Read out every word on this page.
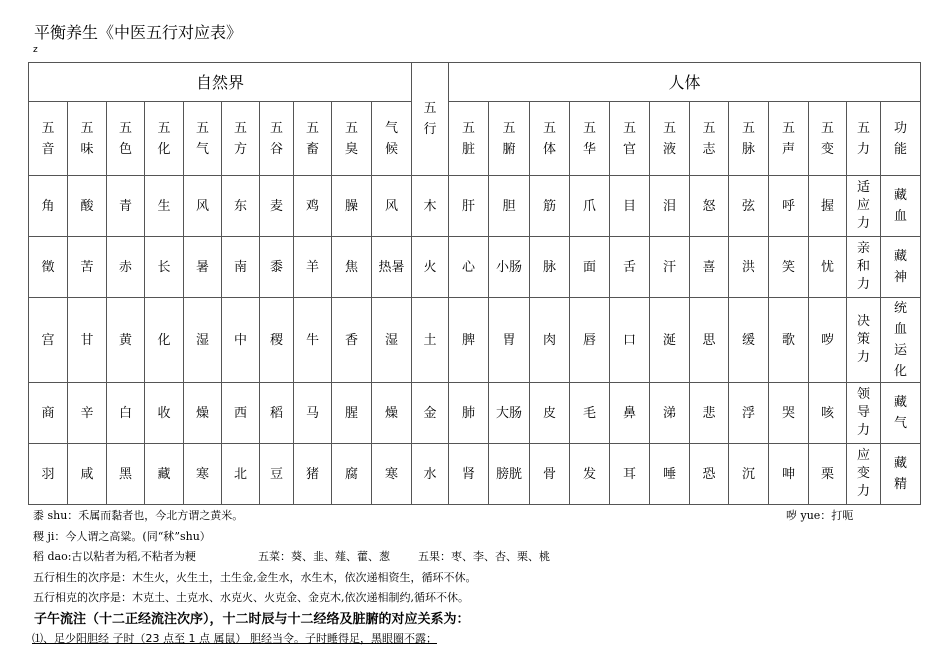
平衡养生《中医五行对应表》
z
自然界										五行	人体											
五音	五味	五色	五化	五气	五方	五谷	五畜	五臭	气候		五脏	五腑	五体	五华	五官	五液	五志	五脉	五声	五变	五力	功能
角	酸	青	生	风	东	麦	鸡	臊	风	木	肝	胆	筋	爪	目	泪	怒	弦	呼	握	适应力	藏血
徵	苦	赤	长	暑	南	黍	羊	焦	热暑	火	心	小肠	脉	面	舌	汗	喜	洪	笑	忧	亲和力	藏神
宫	甘	黄	化	湿	中	稷	牛	香	湿	土	脾	胃	肉	唇	口	涎	思	缓	歌	哕	决策力	统血运化
商	辛	白	收	燥	西	稻	马	腥	燥	金	肺	大肠	皮	毛	鼻	涕	悲	浮	哭	咳	领导力	藏气
羽	咸	黑	藏	寒	北	豆	猪	腐	寒	水	肾	膀胱	骨	发	耳	唾	恐	沉	呻	栗	应变力	藏精
黍 shu：禾属而黏者也，今北方谓之黄米。	哕 yue：打呃
稷 ji：今人谓之高粱。(同“秫”shu）
稻 dao:古以粘者为稻,不粘者为粳	五菜：葵、韭、薤、藿、葱	五果：枣、李、杏、栗、桃
五行相生的次序是：木生火，火生土，土生金,金生水，水生木，依次递相资生，循环不休。
五行相克的次序是：木克土、土克水、水克火、火克金、金克木,依次递相制约,循环不休。
子午流注（十二正经流注次序），十二时辰与十二经络及脏腑的对应关系为：
⑴、足少阳胆经 子时（23 点至 1 点 属鼠） 胆经当令。子时睡得足，黑眼圈不露；
